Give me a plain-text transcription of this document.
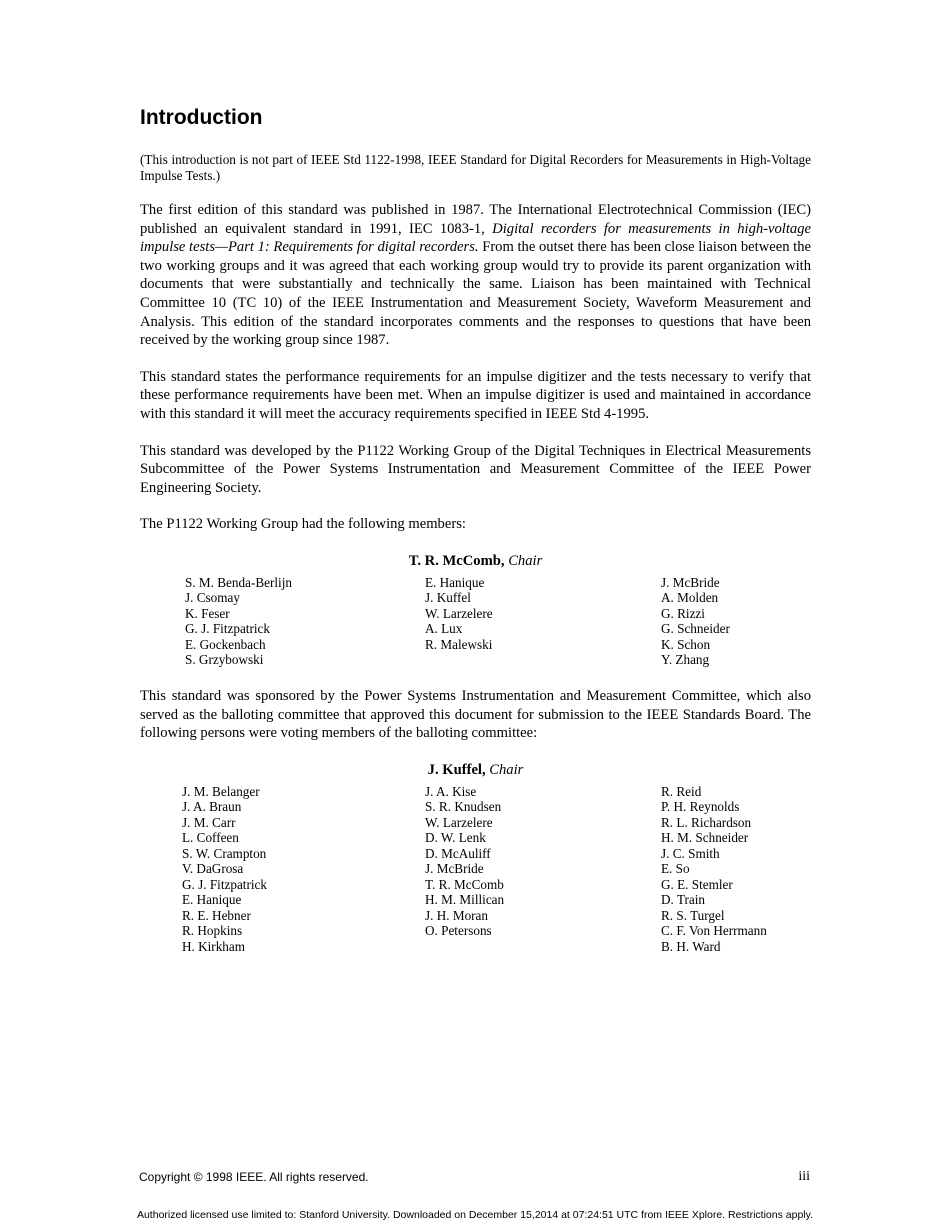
Introduction
(This introduction is not part of IEEE Std 1122-1998, IEEE Standard for Digital Recorders for Measurements in High-Voltage Impulse Tests.)

The first edition of this standard was published in 1987. The International Electrotechnical Commission (IEC) published an equivalent standard in 1991, IEC 1083-1, Digital recorders for measurements in high-voltage impulse tests—Part 1: Requirements for digital recorders. From the outset there has been close liaison between the two working groups and it was agreed that each working group would try to provide its parent organization with documents that were substantially and technically the same. Liaison has been maintained with Technical Committee 10 (TC 10) of the IEEE Instrumentation and Measurement Society, Waveform Measurement and Analysis. This edition of the standard incorporates comments and the responses to questions that have been received by the working group since 1987.

This standard states the performance requirements for an impulse digitizer and the tests necessary to verify that these performance requirements have been met. When an impulse digitizer is used and maintained in accordance with this standard it will meet the accuracy requirements specified in IEEE Std 4-1995.

This standard was developed by the P1122 Working Group of the Digital Techniques in Electrical Measurements Subcommittee of the Power Systems Instrumentation and Measurement Committee of the IEEE Power Engineering Society.

The P1122 Working Group had the following members:

T. R. McComb, Chair
S. M. Benda-Berlijn
J. Csomay
K. Feser
G. J. Fitzpatrick
E. Gockenbach
S. Grzybowski
E. Hanique
J. Kuffel
W. Larzelere
A. Lux
R. Malewski
J. McBride
A. Molden
G. Rizzi
G. Schneider
K. Schon
Y. Zhang

This standard was sponsored by the Power Systems Instrumentation and Measurement Committee, which also served as the balloting committee that approved this document for submission to the IEEE Standards Board. The following persons were voting members of the balloting committee:

J. Kuffel, Chair
J. M. Belanger
J. A. Braun
J. M. Carr
L. Coffeen
S. W. Crampton
V. DaGrosa
G. J. Fitzpatrick
E. Hanique
R. E. Hebner
R. Hopkins
H. Kirkham
J. A. Kise
S. R. Knudsen
W. Larzelere
D. W. Lenk
D. McAuliff
J. McBride
T. R. McComb
H. M. Millican
J. H. Moran
O. Petersons
R. Reid
P. H. Reynolds
R. L. Richardson
H. M. Schneider
J. C. Smith
E. So
G. E. Stemler
D. Train
R. S. Turgel
C. F. Von Herrmann
B. H. Ward
Copyright © 1998 IEEE. All rights reserved.	iii
Authorized licensed use limited to: Stanford University. Downloaded on December 15,2014 at 07:24:51 UTC from IEEE Xplore. Restrictions apply.
